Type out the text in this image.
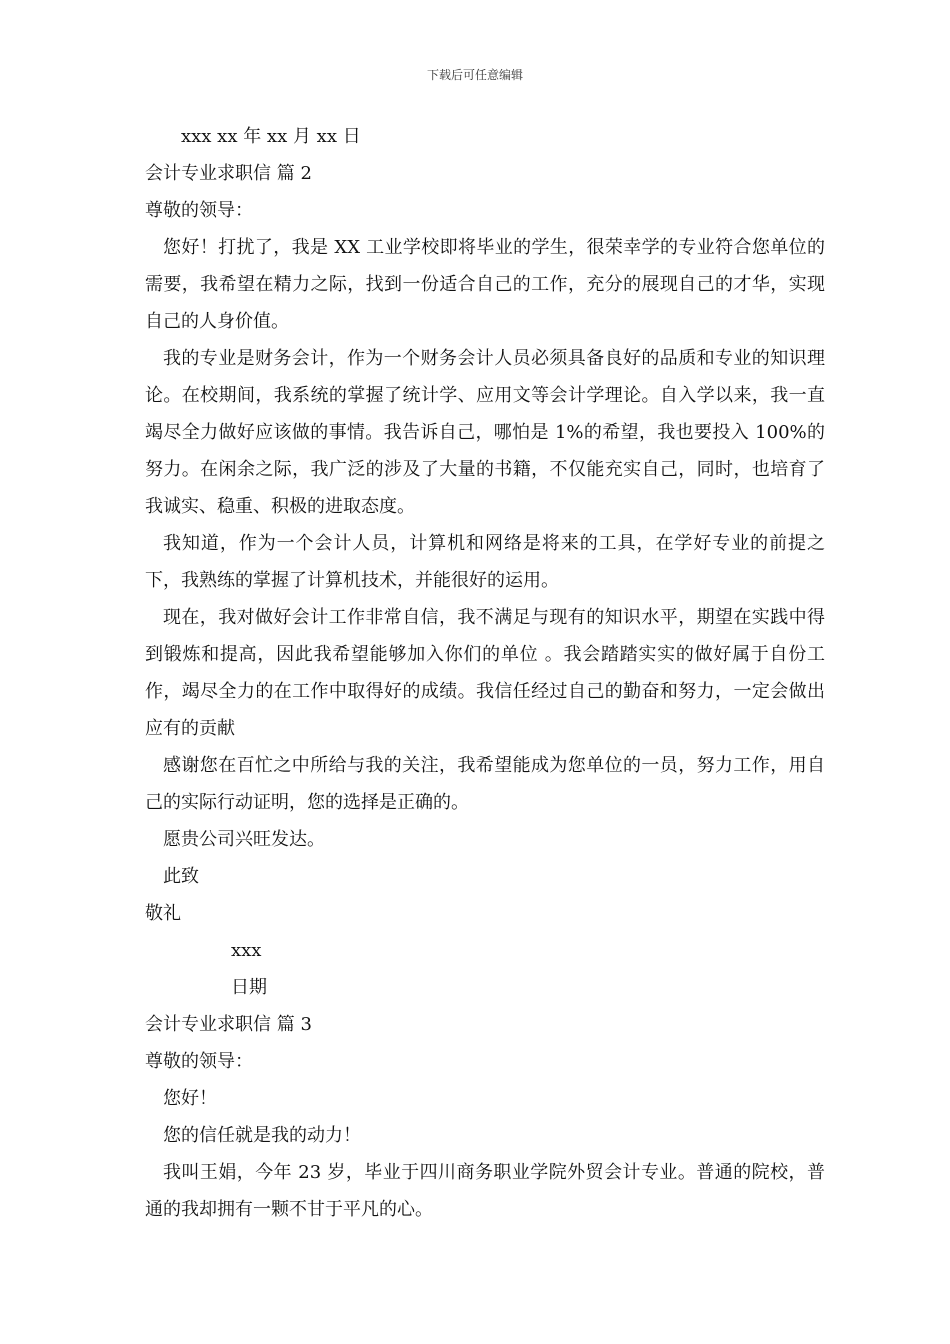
下载后可任意编辑
xxx xx 年 xx 月 xx 日
会计专业求职信 篇 2
尊敬的领导：

您好！打扰了，我是 XX 工业学校即将毕业的学生，很荣幸学的专业符合您单位的需要，我希望在精力之际，找到一份适合自己的工作，充分的展现自己的才华，实现自己的人身价值。

我的专业是财务会计，作为一个财务会计人员必须具备良好的品质和专业的知识理论。在校期间，我系统的掌握了统计学、应用文等会计学理论。自入学以来，我一直竭尽全力做好应该做的事情。我告诉自己，哪怕是 1%的希望，我也要投入 100%的努力。在闲余之际，我广泛的涉及了大量的书籍，不仅能充实自己，同时，也培育了我诚实、稳重、积极的进取态度。

我知道，作为一个会计人员，计算机和网络是将来的工具，在学好专业的前提之下，我熟练的掌握了计算机技术，并能很好的运用。

现在，我对做好会计工作非常自信，我不满足与现有的知识水平，期望在实践中得到锻炼和提高，因此我希望能够加入你们的单位 。我会踏踏实实的做好属于自份工作，竭尽全力的在工作中取得好的成绩。我信任经过自己的勤奋和努力，一定会做出应有的贡献

感谢您在百忙之中所给与我的关注，我希望能成为您单位的一员，努力工作，用自己的实际行动证明，您的选择是正确的。

愿贵公司兴旺发达。
此致
敬礼
xxx
日期
会计专业求职信 篇 3
尊敬的领导：
您好！
您的信任就是我的动力！

我叫王娟，今年 23 岁，毕业于四川商务职业学院外贸会计专业。普通的院校，普通的我却拥有一颗不甘于平凡的心。
